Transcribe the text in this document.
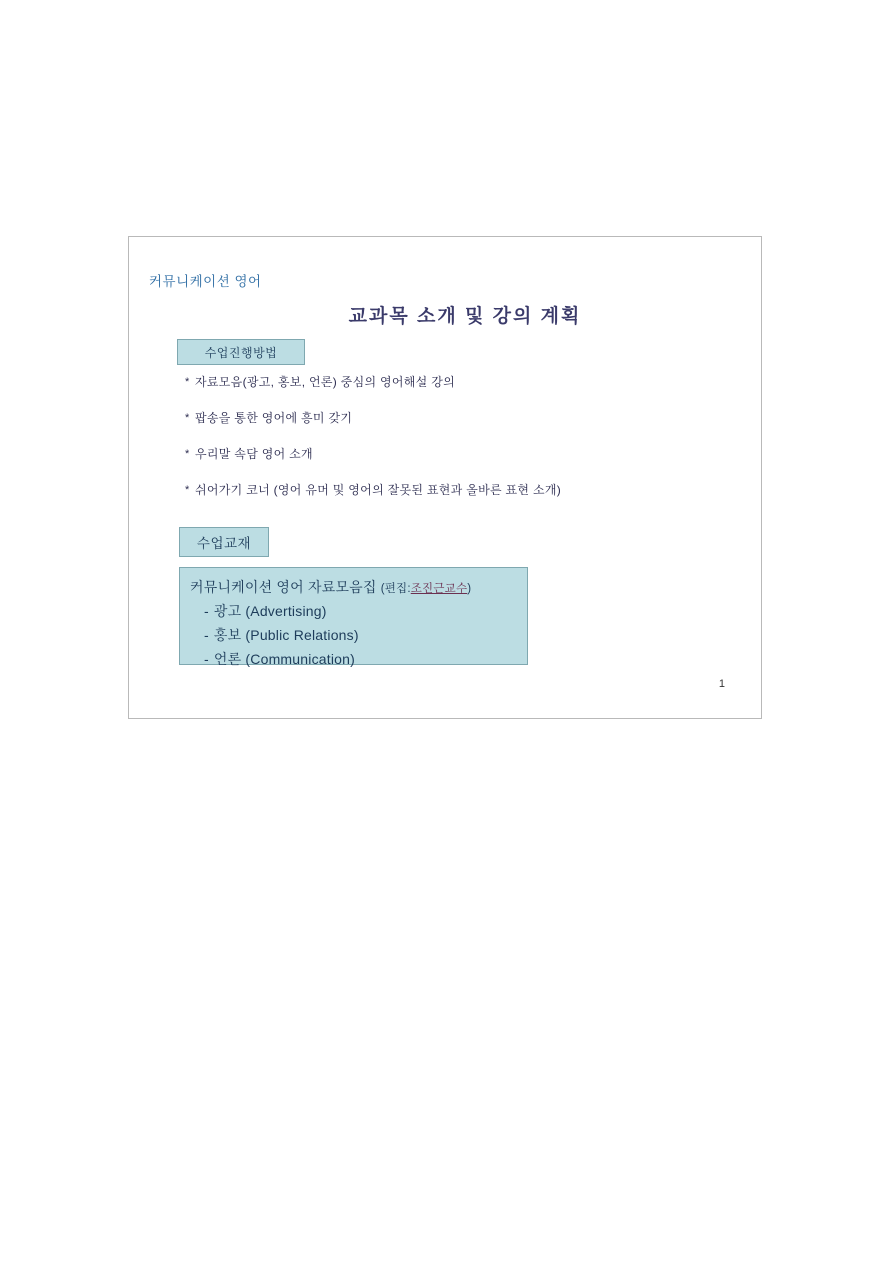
커뮤니케이션 영어
교과목 소개 및 강의 계획
수업진행방법
* 자료모음(광고, 홍보, 언론) 중심의 영어해설 강의
* 팝송을 통한 영어에 흥미 갖기
* 우리말 속담 영어 소개
* 쉬어가기 코너 (영어 유머 및 영어의 잘못된 표현과 올바른 표현 소개)
수업교재
커뮤니케이션 영어 자료모음집 (편집:조진근교수)
- 광고 (Advertising)
- 홍보 (Public Relations)
- 언론 (Communication)
1
